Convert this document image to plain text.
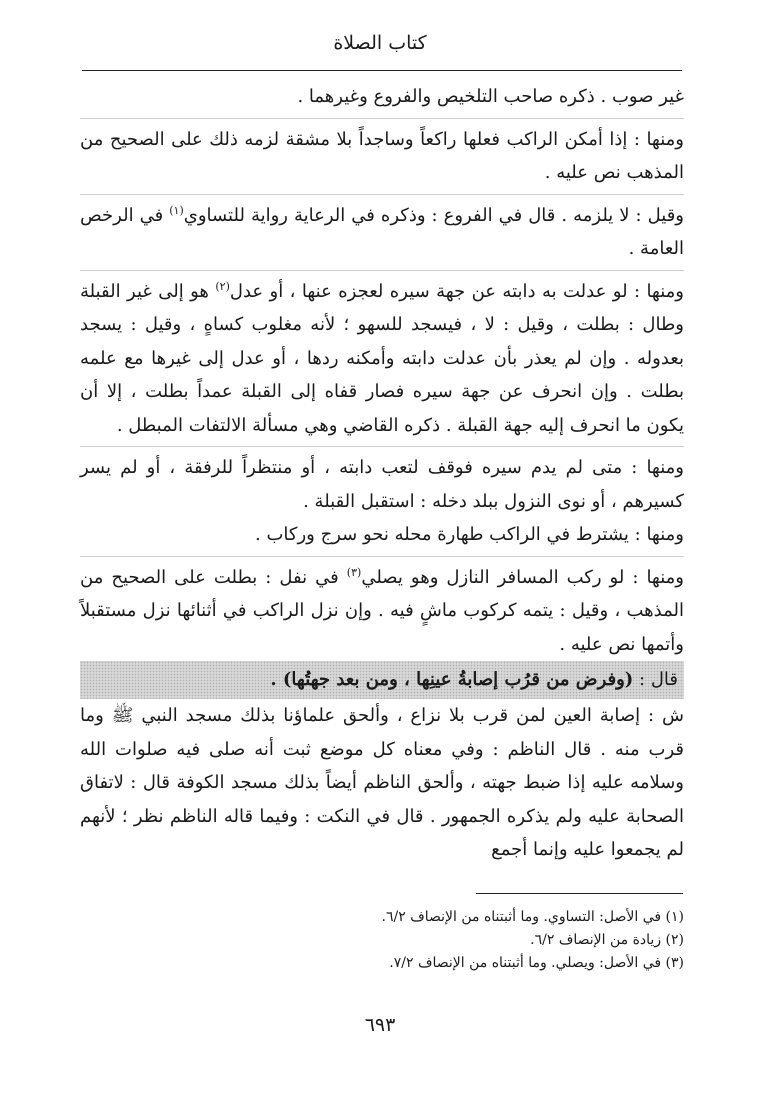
كتاب الصلاة

غير صوب . ذكره صاحب التلخيص والفروع وغيرهما .

ومنها : إذا أمكن الراكب فعلها راكعاً وساجداً بلا مشقة لزمه ذلك على الصحيح من المذهب نص عليه .

وقيل : لا يلزمه . قال في الفروع : وذكره في الرعاية رواية للتساوي$^{(١)}$ في الرخص العامة .

ومنها : لو عدلت به دابته عن جهة سيره لعجزه عنها ، أو عدل$^{(٢)}$ هو إلى غير القبلة وطال : بطلت ، وقيل : لا ، فيسجد للسهو ؛ لأنه مغلوب كساهٍ ، وقيل : يسجد بعدوله . وإن لم يعذر بأن عدلت دابته وأمكنه ردها ، أو عدل إلى غيرها مع علمه بطلت . وإن انحرف عن جهة سيره فصار قفاه إلى القبلة عمداً بطلت ، إلا أن يكون ما انحرف إليه جهة القبلة . ذكره القاضي وهي مسألة الالتفات المبطل .

ومنها : متى لم يدم سيره فوقف لتعب دابته ، أو منتظراً للرفقة ، أو لم يسر كسيرهم ، أو نوى النزول ببلد دخله : استقبل القبلة .

ومنها : يشترط في الراكب طهارة محله نحو سرج وركاب .

ومنها : لو ركب المسافر النازل وهو يصلي$^{(٣)}$ في نفل : بطلت على الصحيح من المذهب ، وقيل : يتمه كركوب ماشٍ فيه . وإن نزل الراكب في أثنائها نزل مستقبلاً وأتمها نص عليه .

قال : (وفرض من قرُب إصابةُ عينِها ، ومن بعد جهتُها) .

ش : إصابة العين لمن قرب بلا نزاع ، وألحق علماؤنا بذلك مسجد النبي ﷺ وما قرب منه . قال الناظم : وفي معناه كل موضع ثبت أنه صلى فيه صلوات الله وسلامه عليه إذا ضبط جهته ، وألحق الناظم أيضاً بذلك مسجد الكوفة قال : لاتفاق الصحابة عليه ولم يذكره الجمهور . قال في النكت : وفيما قاله الناظم نظر ؛ لأنهم لم يجمعوا عليه وإنما أجمع

(١) في الأصل: التساوي. وما أثبتناه من الإنصاف ٦/٢.
(٢) زيادة من الإنصاف ٦/٢.
(٣) في الأصل: ويصلي. وما أثبتناه من الإنصاف ٧/٢.
٦٩٣
